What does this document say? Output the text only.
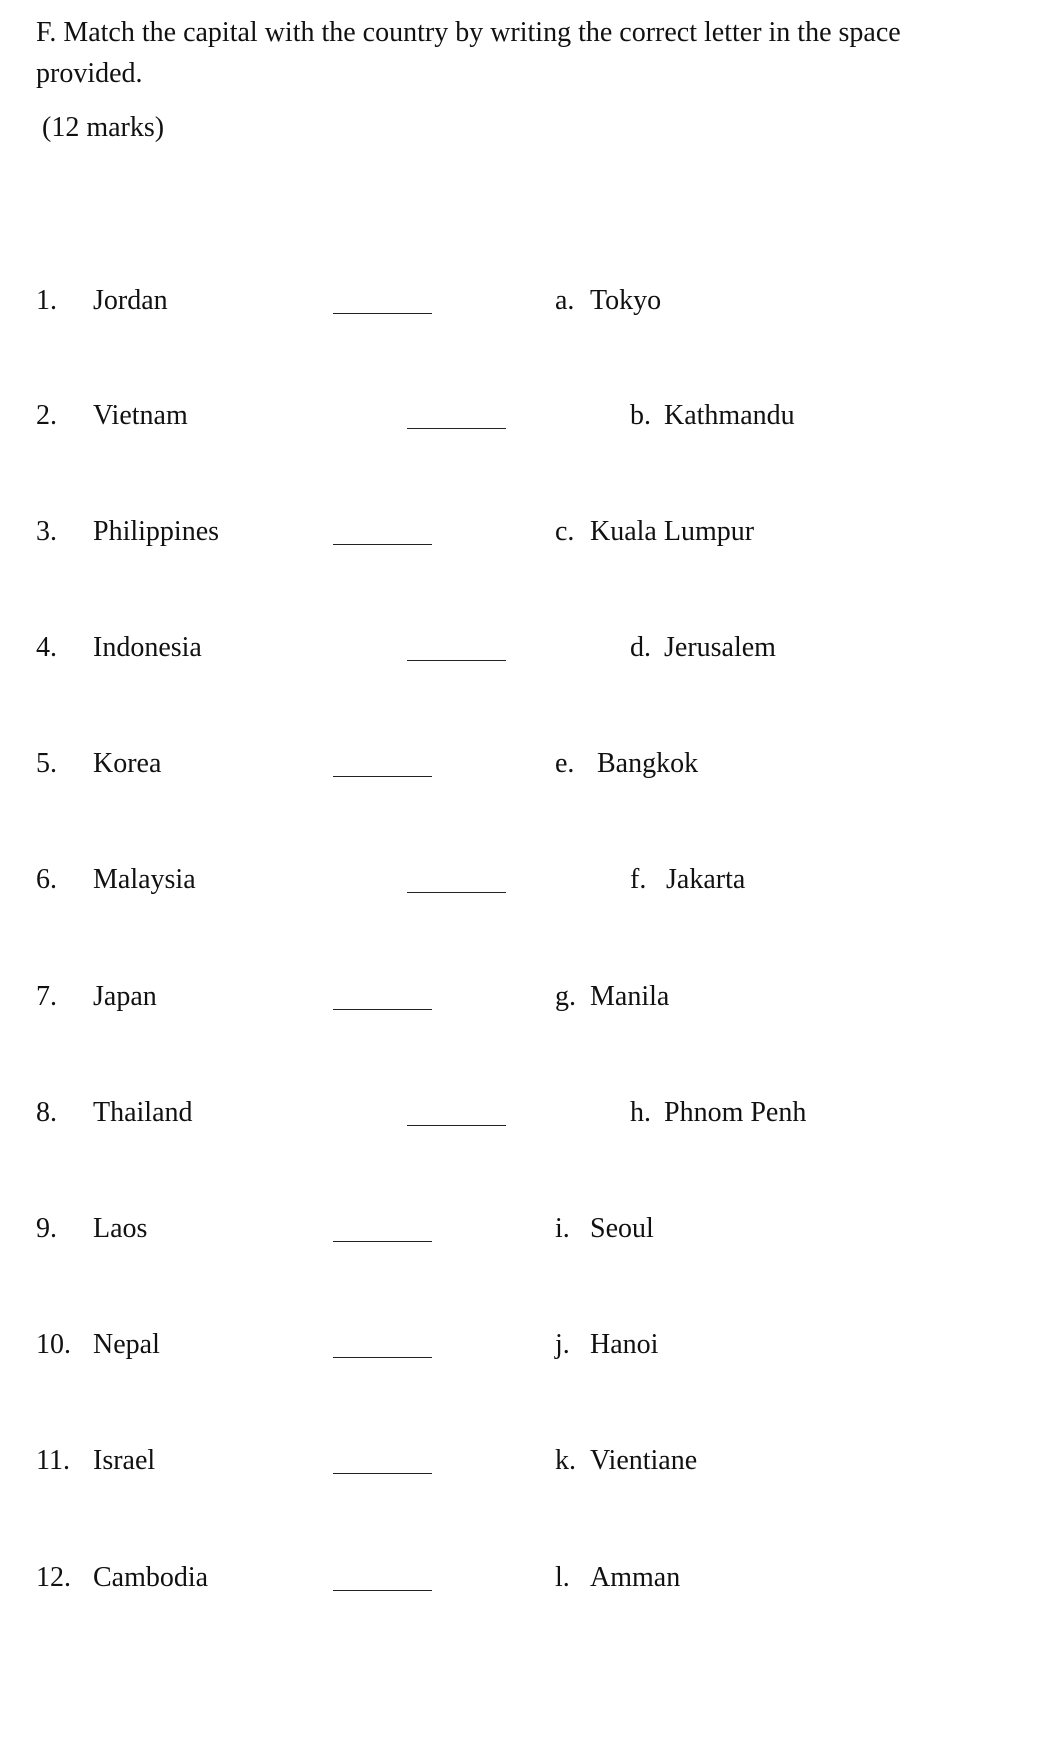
F. Match the capital with the country by writing the correct letter in the space provided.
(12 marks)
1. Jordan	a. Tokyo
2. Vietnam	b. Kathmandu
3. Philippines	c. Kuala Lumpur
4. Indonesia	d. Jerusalem
5. Korea	e. Bangkok
6. Malaysia	f. Jakarta
7. Japan	g. Manila
8. Thailand	h. Phnom Penh
9. Laos	i. Seoul
10. Nepal	j. Hanoi
11. Israel	k. Vientiane
12. Cambodia	l. Amman
